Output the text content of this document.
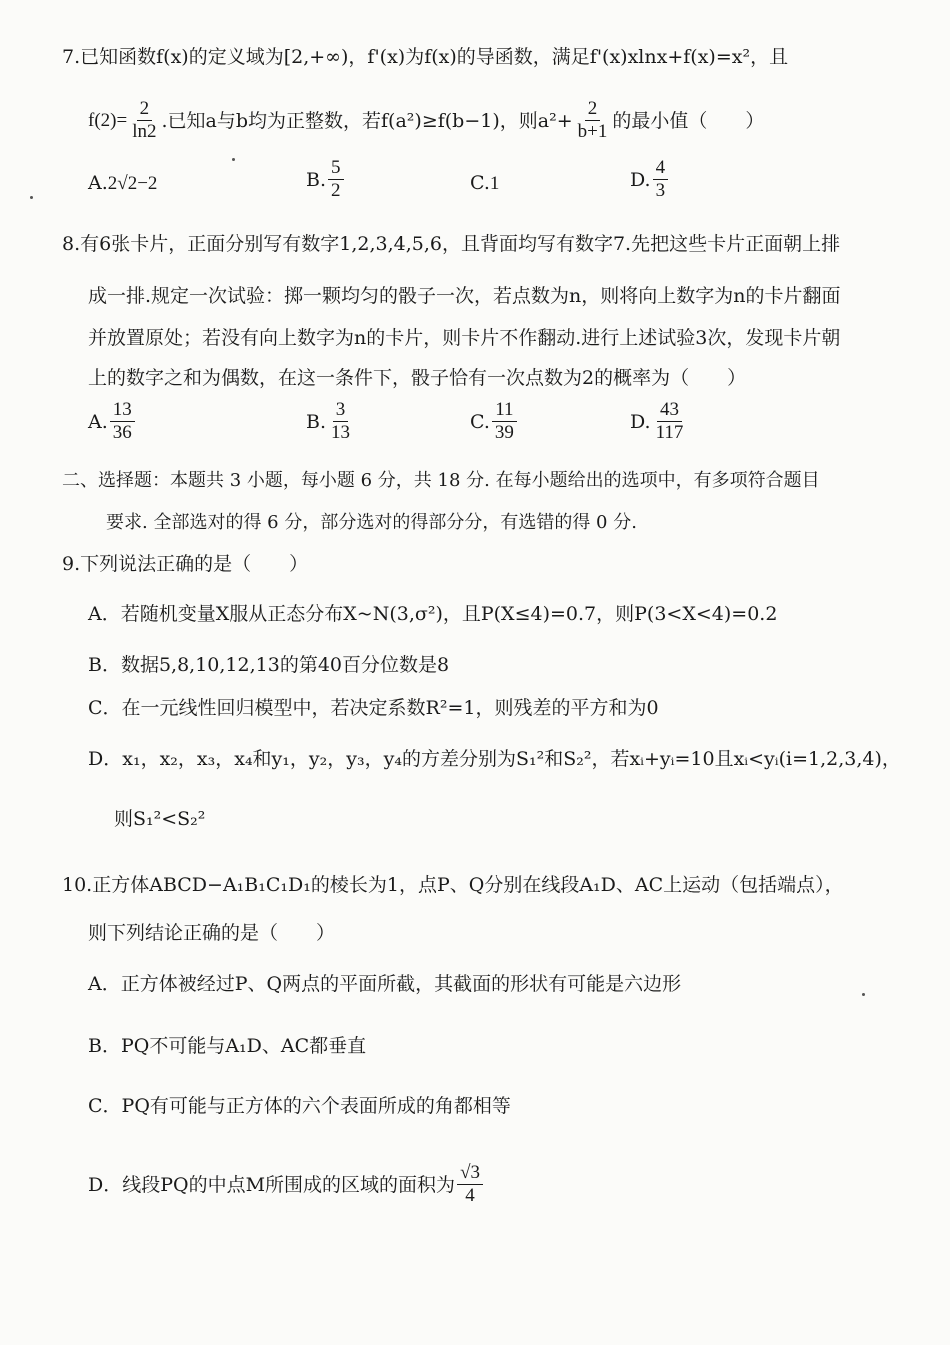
7.已知函数f(x)的定义域为[2,+∞)，f'(x)为f(x)的导函数，满足f'(x)xlnx+f(x)=x²，且
$f(2)= \frac{2}{\ln 2}$ .已知a与b均为正整数，若f(a²)≥f(b−1)，则$a^2+ \frac{2}{b+1}$ 的最小值（　　）
A.2√2−2	B. $\frac{5}{2}$	C.1	D. $\frac{4}{3}$
8.有6张卡片，正面分别写有数字1,2,3,4,5,6，且背面均写有数字7.先把这些卡片正面朝上排
成一排.规定一次试验：掷一颗均匀的骰子一次，若点数为n，则将向上数字为n的卡片翻面
并放置原处；若没有向上数字为n的卡片，则卡片不作翻动.进行上述试验3次，发现卡片朝
上的数字之和为偶数，在这一条件下，骰子恰有一次点数为2的概率为（　　）
A. $\frac{13}{36}$	B. $\frac{3}{13}$	C. $\frac{11}{39}$	D. $\frac{43}{117}$
二、选择题：本题共 3 小题，每小题 6 分，共 18 分. 在每小题给出的选项中，有多项符合题目
要求. 全部选对的得 6 分，部分选对的得部分分，有选错的得 0 分.
9.下列说法正确的是（　　）
A．若随机变量X服从正态分布X~N(3,σ²)，且P(X≤4)=0.7，则P(3<X<4)=0.2
B．数据5,8,10,12,13的第40百分位数是8
C．在一元线性回归模型中，若决定系数R²=1，则残差的平方和为0
D．x₁，x₂，x₃，x₄和y₁，y₂，y₃，y₄的方差分别为S₁²和S₂²，若xᵢ+yᵢ=10且xᵢ<yᵢ(i=1,2,3,4)，
则S₁²<S₂²
10.正方体ABCD−A₁B₁C₁D₁的棱长为1，点P、Q分别在线段A₁D、AC上运动（包括端点），
则下列结论正确的是（　　）
A．正方体被经过P、Q两点的平面所截，其截面的形状有可能是六边形
B．PQ不可能与A₁D、AC都垂直
C．PQ有可能与正方体的六个表面所成的角都相等
D．线段PQ的中点M所围成的区域的面积为 $\frac{√3}{4}$
